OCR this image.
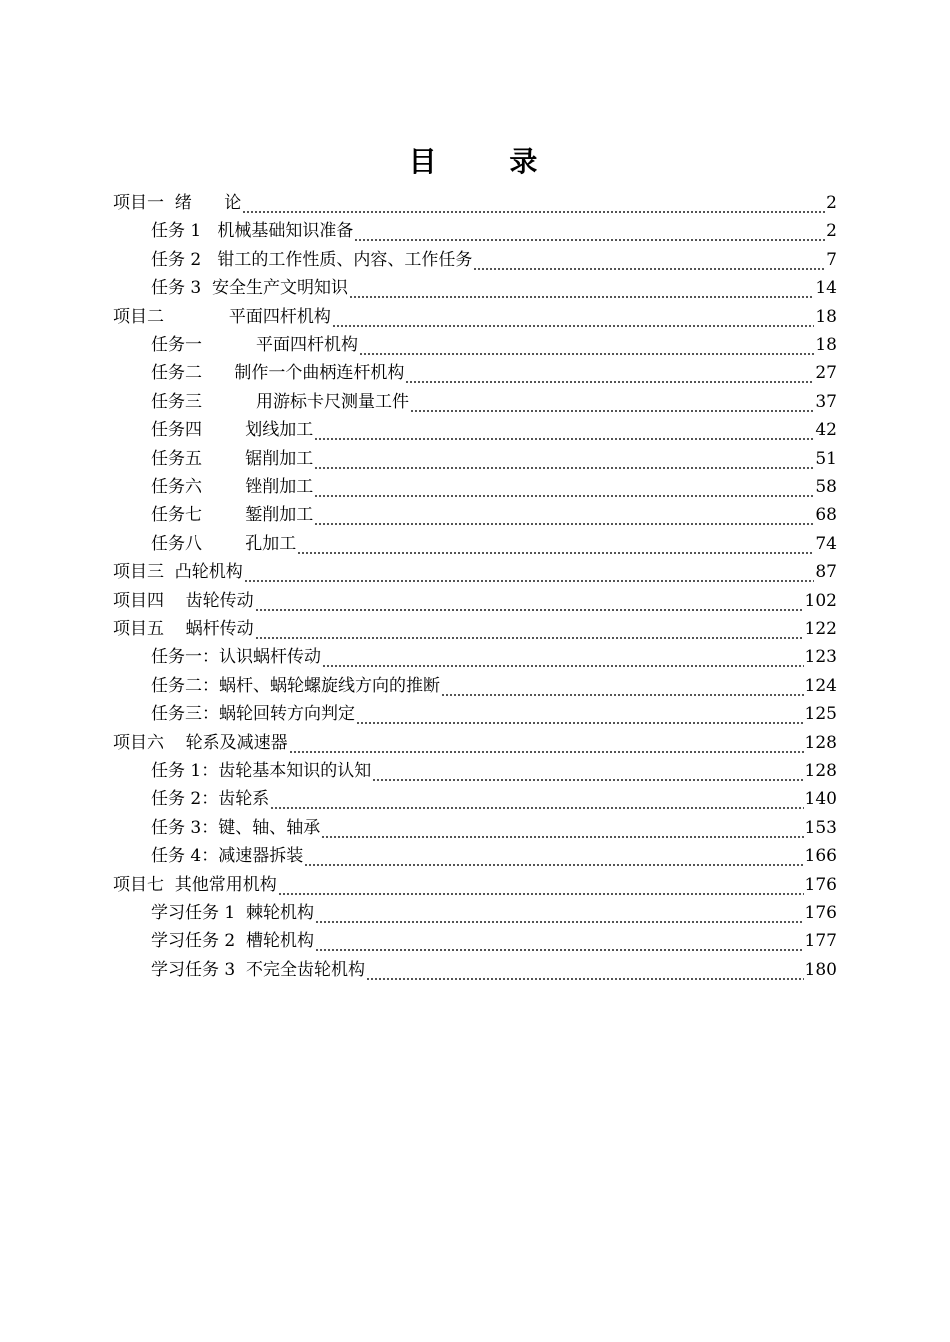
目     录
项目一  绪      论	2
任务 1   机械基础知识准备	2
任务 2   钳工的工作性质、内容、工作任务	7
任务 3  安全生产文明知识	14
项目二            平面四杆机构	18
任务一          平面四杆机构	18
任务二      制作一个曲柄连杆机构	27
任务三          用游标卡尺测量工件	37
任务四        划线加工	42
任务五        锯削加工	51
任务六        锉削加工	58
任务七        錾削加工	68
任务八        孔加工	74
项目三  凸轮机构	87
项目四    齿轮传动	102
项目五    蜗杆传动	122
任务一：认识蜗杆传动	123
任务二：蜗杆、蜗轮螺旋线方向的推断	124
任务三：蜗轮回转方向判定	125
项目六    轮系及减速器	128
任务 1：齿轮基本知识的认知	128
任务 2：齿轮系	140
任务 3：键、轴、轴承	153
任务 4：减速器拆装	166
项目七  其他常用机构	176
学习任务 1  棘轮机构	176
学习任务 2  槽轮机构	177
学习任务 3  不完全齿轮机构	180
